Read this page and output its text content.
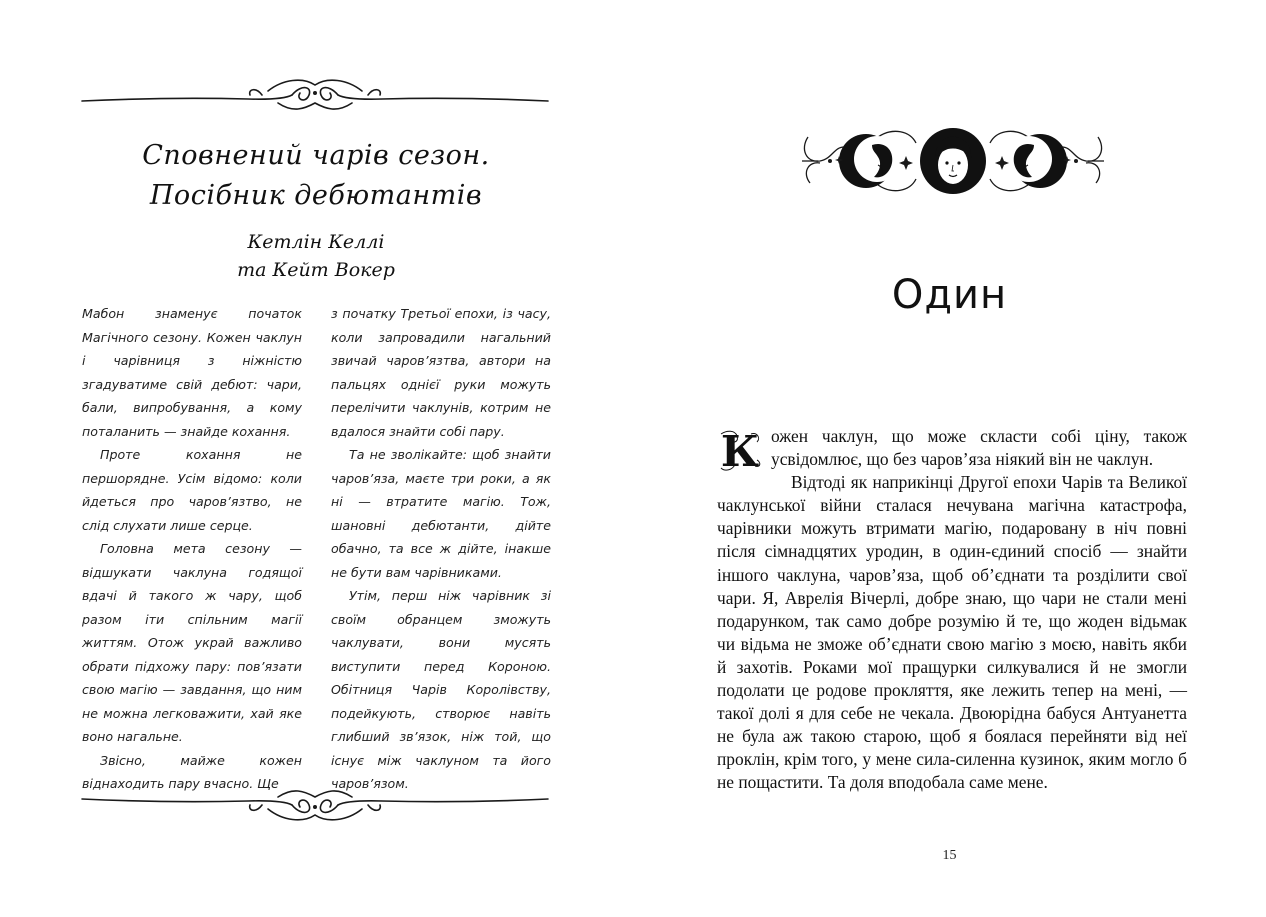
Сповнений чарів сезон.
Посібник дебютантів
Кетлін Келлі
та Кейт Вокер

Мабон знаменує початок Магічного сезону. Кожен чаклун і чарівниця з ніжністю згадуватиме свій дебют: чари, бали, випробування, а кому поталанить — знайде кохання.

Проте кохання не першорядне. Усім відомо: коли йдеться про чаров’язтво, не слід слухати лише серце.

Головна мета сезону — відшукати чаклуна годящої вдачі й такого ж чару, щоб разом іти спільним магії життям. Отож украй важливо обрати підхожу пару: пов’язати свою магію — завдання, що ним не можна легковажити, хай яке воно нагальне.

Звісно, майже кожен віднаходить пару вчасно. Ще

з початку Третьої епохи, із часу, коли запровадили нагальний звичай чаров’язтва, автори на пальцях однієї руки можуть перелічити чаклунів, котрим не вдалося знайти собі пару.

Та не зволікайте: щоб знайти чаров’яза, маєте три роки, а як ні — втратите магію. Тож, шановні дебютанти, дійте обачно, та все ж дійте, інакше не бути вам чарівниками.

Утім, перш ніж чарівник зі своїм обранцем зможуть чаклувати, вони мусять виступити перед Короною. Обітниця Чарів Королівству, подейкують, створює навіть глибший зв’язок, ніж той, що існує між чаклуном та його чаров’язом.

Один
К ожен чаклун, що може скласти собі ціну, також усвідомлює, що без чаров’яза ніякий він не чаклун.

Відтоді як наприкінці Другої епохи Чарів та Великої чаклунської війни сталася нечувана магічна катастрофа, чарівники можуть втримати магію, подаровану в ніч повні після сімнадцятих уродин, в один-єдиний спосіб — знайти іншого чаклуна, чаров’яза, щоб об’єднати та розділити свої чари. Я, Аврелія Вічерлі, добре знаю, що чари не стали мені подарунком, так само добре розумію й те, що жоден відьмак чи відьма не зможе об’єднати свою магію з моєю, навіть якби й захотів. Роками мої пращурки силкувалися й не змогли подолати це родове прокляття, яке лежить тепер на мені, — такої долі я для себе не чекала. Двоюрідна бабуся Антуанетта не була аж такою старою, щоб я боялася перейняти від неї проклін, крім того, у мене сила-силенна кузинок, яким могло б не пощастити. Та доля вподобала саме мене.

15
